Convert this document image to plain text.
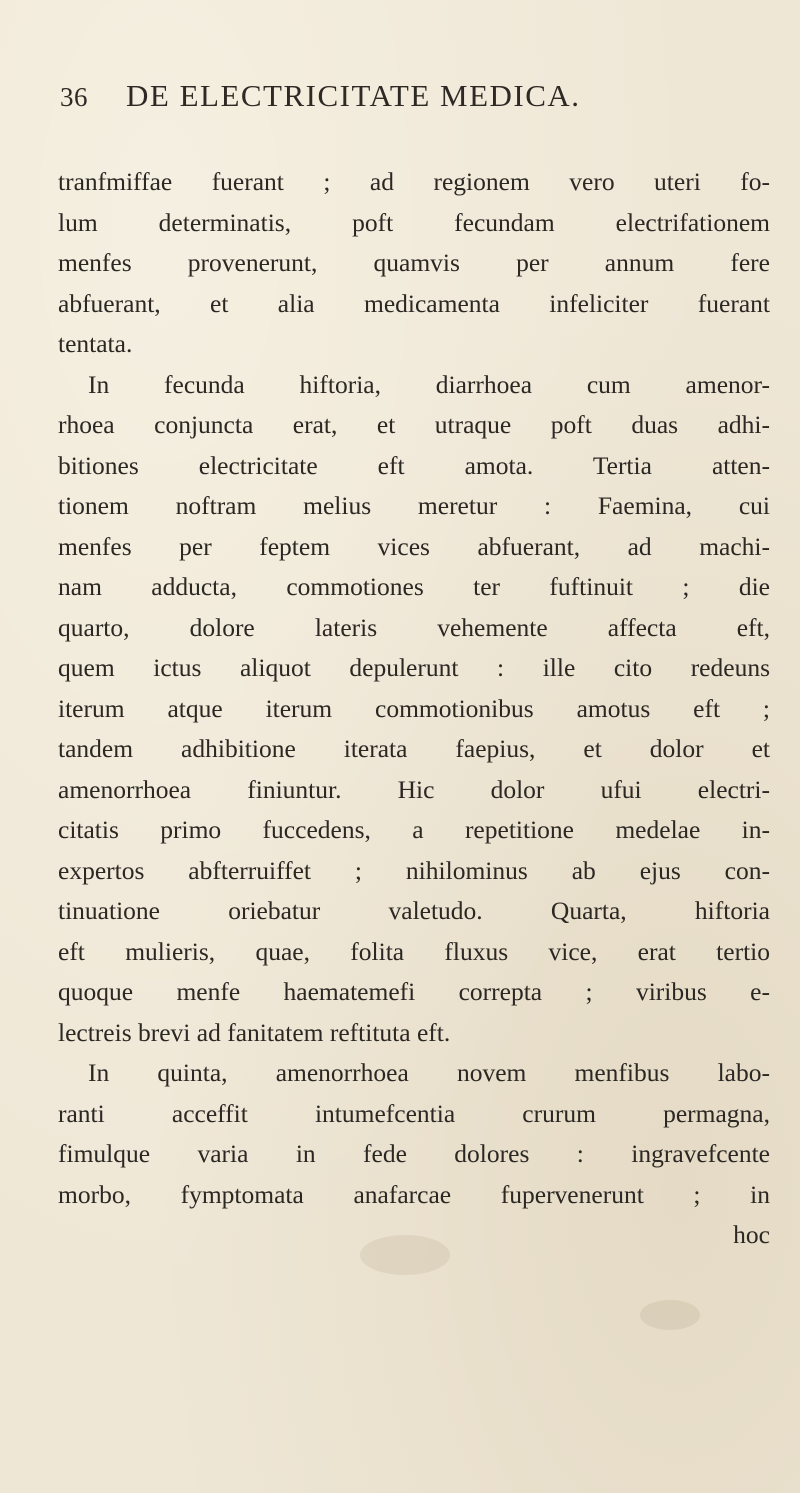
36 DE ELECTRICITATE MEDICA.
tranfmiffae fuerant ; ad regionem vero uteri fo-
lum determinatis, poft fecundam electrifationem
menfes provenerunt, quamvis per annum fere
abfuerant, et alia medicamenta infeliciter fuerant
tentata.
In fecunda hiftoria, diarrhoea cum amenor-
rhoea conjuncta erat, et utraque poft duas adhi-
bitiones electricitate eft amota. Tertia atten-
tionem noftram melius meretur : Faemina, cui
menfes per feptem vices abfuerant, ad machi-
nam adducta, commotiones ter fuftinuit ; die
quarto, dolore lateris vehemente affecta eft,
quem ictus aliquot depulerunt : ille cito redeuns
iterum atque iterum commotionibus amotus eft ;
tandem adhibitione iterata faepius, et dolor et
amenorrhoea finiuntur. Hic dolor ufui electri-
citatis primo fuccedens, a repetitione medelae in-
expertos abfterruiffet ; nihilominus ab ejus con-
tinuatione oriebatur valetudo. Quarta, hiftoria
eft mulieris, quae, folita fluxus vice, erat tertio
quoque menfe haematemefi correpta ; viribus e-
lectreis brevi ad fanitatem reftituta eft.
In quinta, amenorrhoea novem menfibus labo-
ranti acceffit intumefcentia crurum permagna,
fimulque varia in fede dolores : ingravefcente
morbo, fymptomata anafarcae fupervenerunt ; in
hoc
